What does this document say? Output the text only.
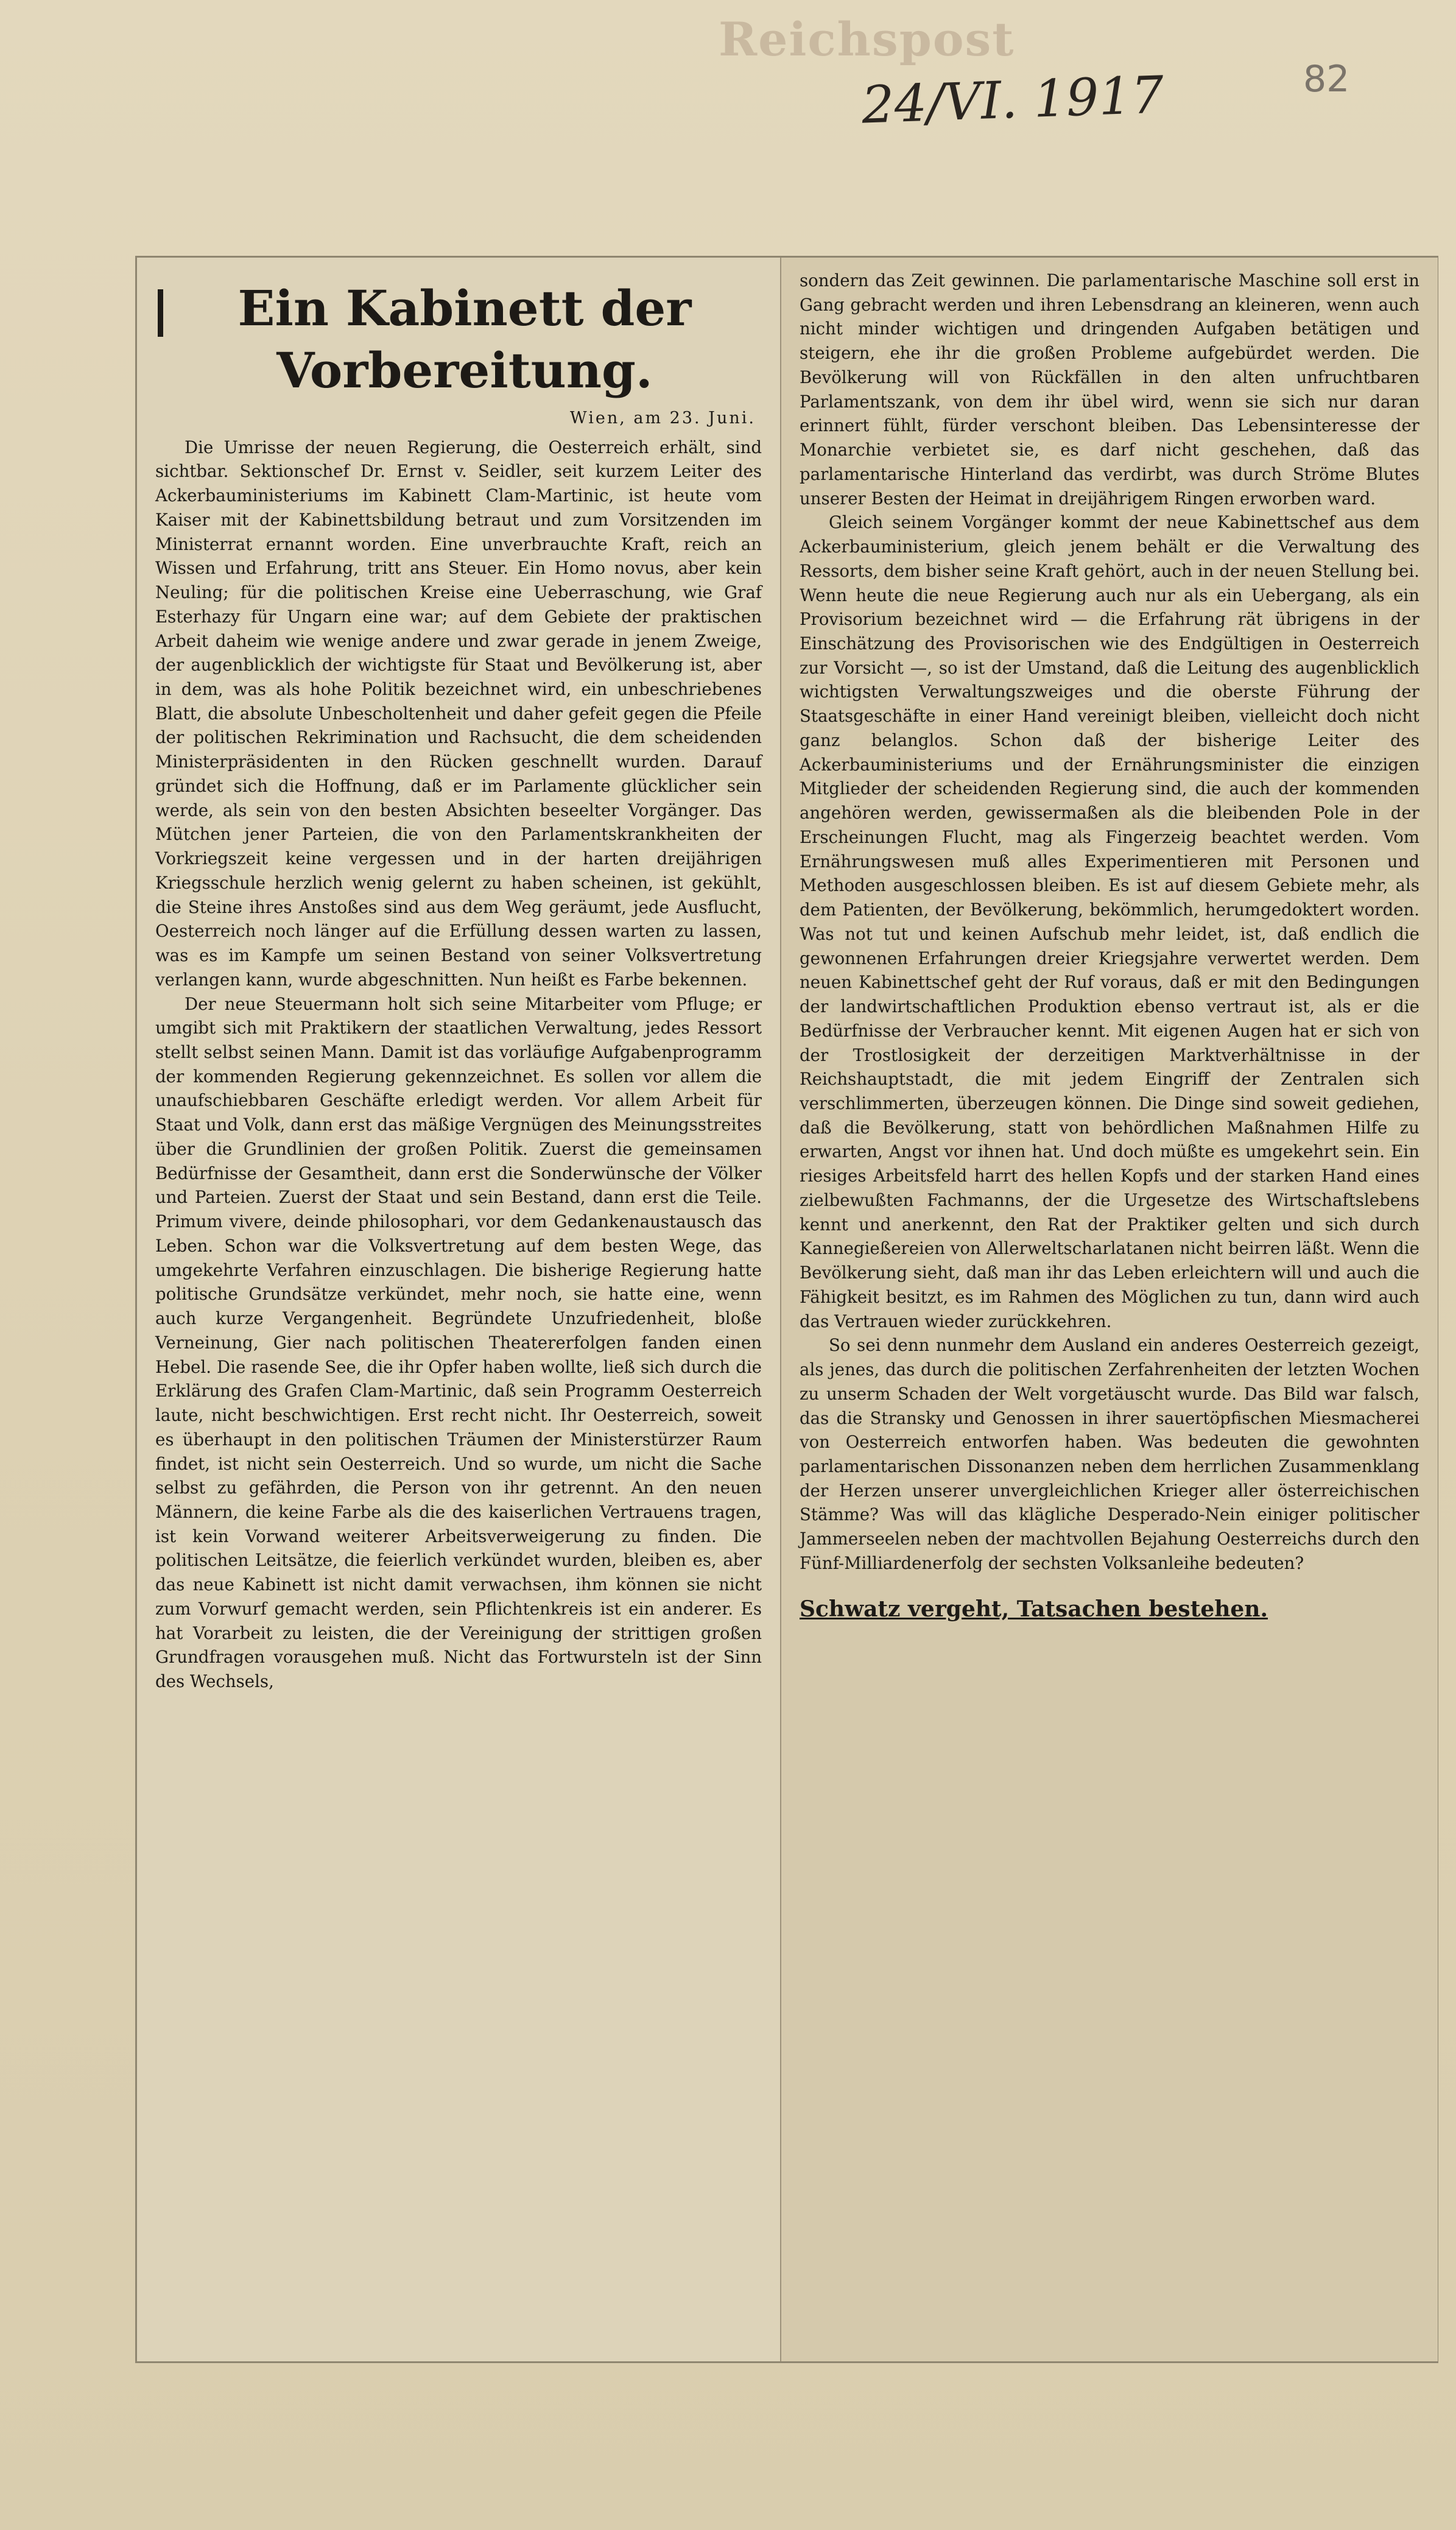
Reichspost
24/VI. 1917	82
Ein Kabinett der Vorbereitung.
Wien, am 23. Juni.

Die Umrisse der neuen Regierung, die Oesterreich erhält, sind sichtbar. Sektionschef Dr. Ernst v. Seidler, seit kurzem Leiter des Ackerbauministeriums im Kabinett Clam-Martinic, ist heute vom Kaiser mit der Kabinettsbildung betraut und zum Vorsitzenden im Ministerrat ernannt worden. Eine unverbrauchte Kraft, reich an Wissen und Erfahrung, tritt ans Steuer. Ein Homo novus, aber kein Neuling; für die politischen Kreise eine Ueberraschung, wie Graf Esterhazy für Ungarn eine war; auf dem Gebiete der praktischen Arbeit daheim wie wenige andere und zwar gerade in jenem Zweige, der augenblicklich der wichtigste für Staat und Bevölkerung ist, aber in dem, was als hohe Politik bezeichnet wird, ein unbeschriebenes Blatt, die absolute Unbescholtenheit und daher gefeit gegen die Pfeile der politischen Rekrimination und Rachsucht, die dem scheidenden Ministerpräsidenten in den Rücken geschnellt wurden. Darauf gründet sich die Hoffnung, daß er im Parlamente glücklicher sein werde, als sein von den besten Absichten beseelter Vorgänger. Das Mütchen jener Parteien, die von den Parlamentskrankheiten der Vorkriegszeit keine vergessen und in der harten dreijährigen Kriegsschule herzlich wenig gelernt zu haben scheinen, ist gekühlt, die Steine ihres Anstoßes sind aus dem Weg geräumt, jede Ausflucht, Oesterreich noch länger auf die Erfüllung dessen warten zu lassen, was es im Kampfe um seinen Bestand von seiner Volksvertretung verlangen kann, wurde abgeschnitten. Nun heißt es Farbe bekennen.

Der neue Steuermann holt sich seine Mitarbeiter vom Pfluge; er umgibt sich mit Praktikern der staatlichen Verwaltung, jedes Ressort stellt selbst seinen Mann. Damit ist das vorläufige Aufgabenprogramm der kommenden Regierung gekennzeichnet. Es sollen vor allem die unaufschiebbaren Geschäfte erledigt werden. Vor allem Arbeit für Staat und Volk, dann erst das mäßige Vergnügen des Meinungsstreites über die Grundlinien der großen Politik. Zuerst die gemeinsamen Bedürfnisse der Gesamtheit, dann erst die Sonderwünsche der Völker und Parteien. Zuerst der Staat und sein Bestand, dann erst die Teile. Primum vivere, deinde philosophari, vor dem Gedankenaustausch das Leben. Schon war die Volksvertretung auf dem besten Wege, das umgekehrte Verfahren einzuschlagen. Die bisherige Regierung hatte politische Grundsätze verkündet, mehr noch, sie hatte eine, wenn auch kurze Vergangenheit. Begründete Unzufriedenheit, bloße Verneinung, Gier nach politischen Theatererfolgen fanden einen Hebel. Die rasende See, die ihr Opfer haben wollte, ließ sich durch die Erklärung des Grafen Clam-Martinic, daß sein Programm Oesterreich laute, nicht beschwichtigen. Erst recht nicht. Ihr Oesterreich, soweit es überhaupt in den politischen Träumen der Ministerstürzer Raum findet, ist nicht sein Oesterreich. Und so wurde, um nicht die Sache selbst zu gefährden, die Person von ihr getrennt. An den neuen Männern, die keine Farbe als die des kaiserlichen Vertrauens tragen, ist kein Vorwand weiterer Arbeitsverweigerung zu finden. Die politischen Leitsätze, die feierlich verkündet wurden, bleiben es, aber das neue Kabinett ist nicht damit verwachsen, ihm können sie nicht zum Vorwurf gemacht werden, sein Pflichtenkreis ist ein anderer. Es hat Vorarbeit zu leisten, die der Vereinigung der strittigen großen Grundfragen vorausgehen muß. Nicht das Fortwursteln ist der Sinn des Wechsels,

sondern das Zeit gewinnen. Die parlamentarische Maschine soll erst in Gang gebracht werden und ihren Lebensdrang an kleineren, wenn auch nicht minder wichtigen und dringenden Aufgaben betätigen und steigern, ehe ihr die großen Probleme aufgebürdet werden. Die Bevölkerung will von Rückfällen in den alten unfruchtbaren Parlamentszank, von dem ihr übel wird, wenn sie sich nur daran erinnert fühlt, fürder verschont bleiben. Das Lebensinteresse der Monarchie verbietet sie, es darf nicht geschehen, daß das parlamentarische Hinterland das verdirbt, was durch Ströme Blutes unserer Besten der Heimat in dreijährigem Ringen erworben ward.

Gleich seinem Vorgänger kommt der neue Kabinettschef aus dem Ackerbauministerium, gleich jenem behält er die Verwaltung des Ressorts, dem bisher seine Kraft gehört, auch in der neuen Stellung bei. Wenn heute die neue Regierung auch nur als ein Uebergang, als ein Provisorium bezeichnet wird — die Erfahrung rät übrigens in der Einschätzung des Provisorischen wie des Endgültigen in Oesterreich zur Vorsicht —, so ist der Umstand, daß die Leitung des augenblicklich wichtigsten Verwaltungszweiges und die oberste Führung der Staatsgeschäfte in einer Hand vereinigt bleiben, vielleicht doch nicht ganz belanglos. Schon daß der bisherige Leiter des Ackerbauministeriums und der Ernährungsminister die einzigen Mitglieder der scheidenden Regierung sind, die auch der kommenden angehören werden, gewissermaßen als die bleibenden Pole in der Erscheinungen Flucht, mag als Fingerzeig beachtet werden. Vom Ernährungswesen muß alles Experimentieren mit Personen und Methoden ausgeschlossen bleiben. Es ist auf diesem Gebiete mehr, als dem Patienten, der Bevölkerung, bekömmlich, herumgedoktert worden. Was not tut und keinen Aufschub mehr leidet, ist, daß endlich die gewonnenen Erfahrungen dreier Kriegsjahre verwertet werden. Dem neuen Kabinettschef geht der Ruf voraus, daß er mit den Bedingungen der landwirtschaftlichen Produktion ebenso vertraut ist, als er die Bedürfnisse der Verbraucher kennt. Mit eigenen Augen hat er sich von der Trostlosigkeit der derzeitigen Marktverhältnisse in der Reichshauptstadt, die mit jedem Eingriff der Zentralen sich verschlimmerten, überzeugen können. Die Dinge sind soweit gediehen, daß die Bevölkerung, statt von behördlichen Maßnahmen Hilfe zu erwarten, Angst vor ihnen hat. Und doch müßte es umgekehrt sein. Ein riesiges Arbeitsfeld harrt des hellen Kopfs und der starken Hand eines zielbewußten Fachmanns, der die Urgesetze des Wirtschaftslebens kennt und anerkennt, den Rat der Praktiker gelten und sich durch Kannegießereien von Allerweltscharlatanen nicht beirren läßt. Wenn die Bevölkerung sieht, daß man ihr das Leben erleichtern will und auch die Fähigkeit besitzt, es im Rahmen des Möglichen zu tun, dann wird auch das Vertrauen wieder zurückkehren.

So sei denn nunmehr dem Ausland ein anderes Oesterreich gezeigt, als jenes, das durch die politischen Zerfahrenheiten der letzten Wochen zu unserm Schaden der Welt vorgetäuscht wurde. Das Bild war falsch, das die Stransky und Genossen in ihrer sauertöpfischen Miesmacherei von Oesterreich entworfen haben. Was bedeuten die gewohnten parlamentarischen Dissonanzen neben dem herrlichen Zusammenklang der Herzen unserer unvergleichlichen Krieger aller österreichischen Stämme? Was will das klägliche Desperado-Nein einiger politischer Jammerseelen neben der machtvollen Bejahung Oesterreichs durch den Fünf-Milliardenerfolg der sechsten Volksanleihe bedeuten?

Schwatz vergeht, Tatsachen bestehen.
